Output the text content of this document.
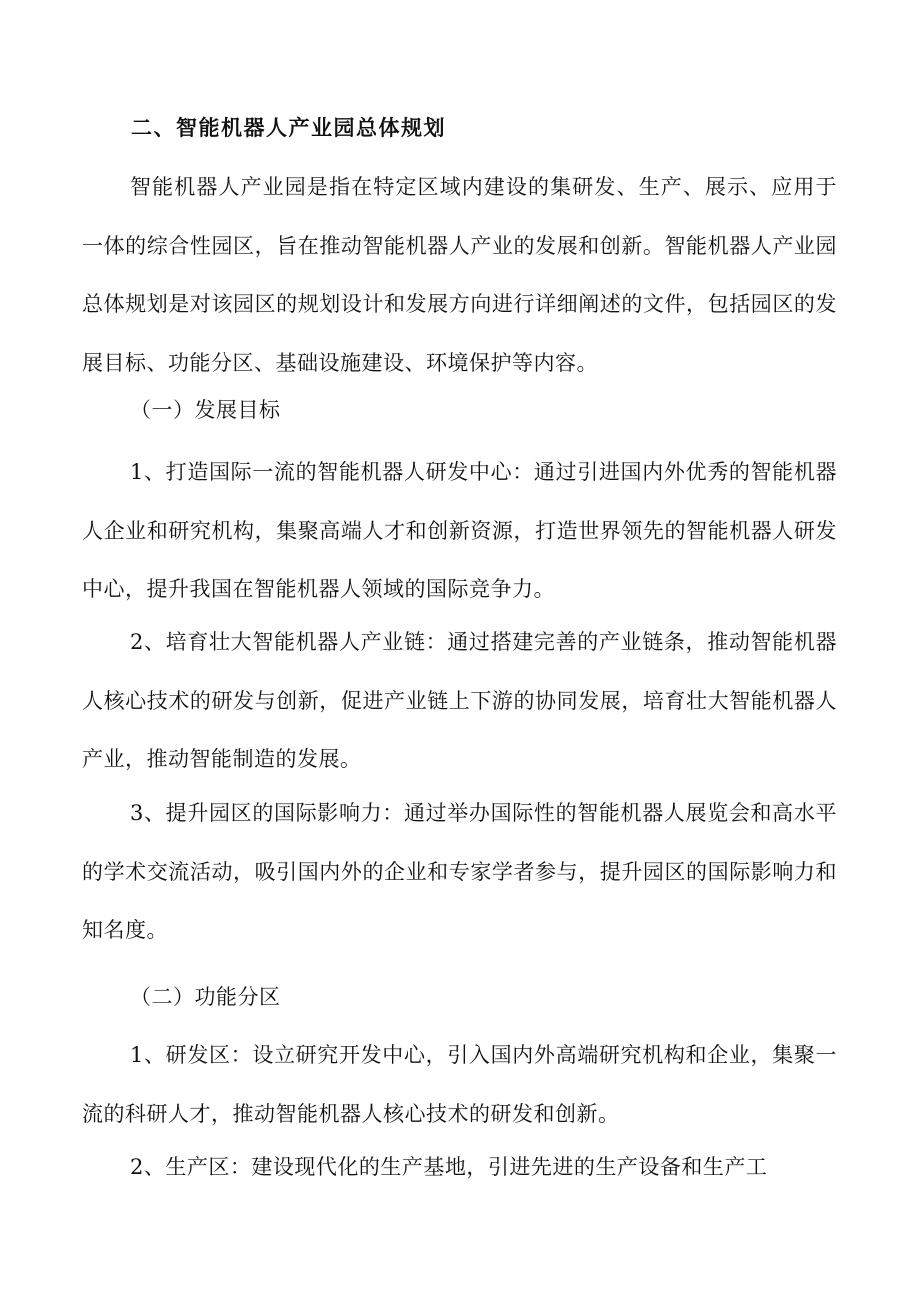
二、智能机器人产业园总体规划

智能机器人产业园是指在特定区域内建设的集研发、生产、展示、应用于一体的综合性园区，旨在推动智能机器人产业的发展和创新。智能机器人产业园总体规划是对该园区的规划设计和发展方向进行详细阐述的文件，包括园区的发展目标、功能分区、基础设施建设、环境保护等内容。

（一）发展目标

1、打造国际一流的智能机器人研发中心：通过引进国内外优秀的智能机器人企业和研究机构，集聚高端人才和创新资源，打造世界领先的智能机器人研发中心，提升我国在智能机器人领域的国际竞争力。

2、培育壮大智能机器人产业链：通过搭建完善的产业链条，推动智能机器人核心技术的研发与创新，促进产业链上下游的协同发展，培育壮大智能机器人产业，推动智能制造的发展。

3、提升园区的国际影响力：通过举办国际性的智能机器人展览会和高水平的学术交流活动，吸引国内外的企业和专家学者参与，提升园区的国际影响力和知名度。

（二）功能分区

1、研发区：设立研究开发中心，引入国内外高端研究机构和企业，集聚一流的科研人才，推动智能机器人核心技术的研发和创新。

2、生产区：建设现代化的生产基地，引进先进的生产设备和生产工
